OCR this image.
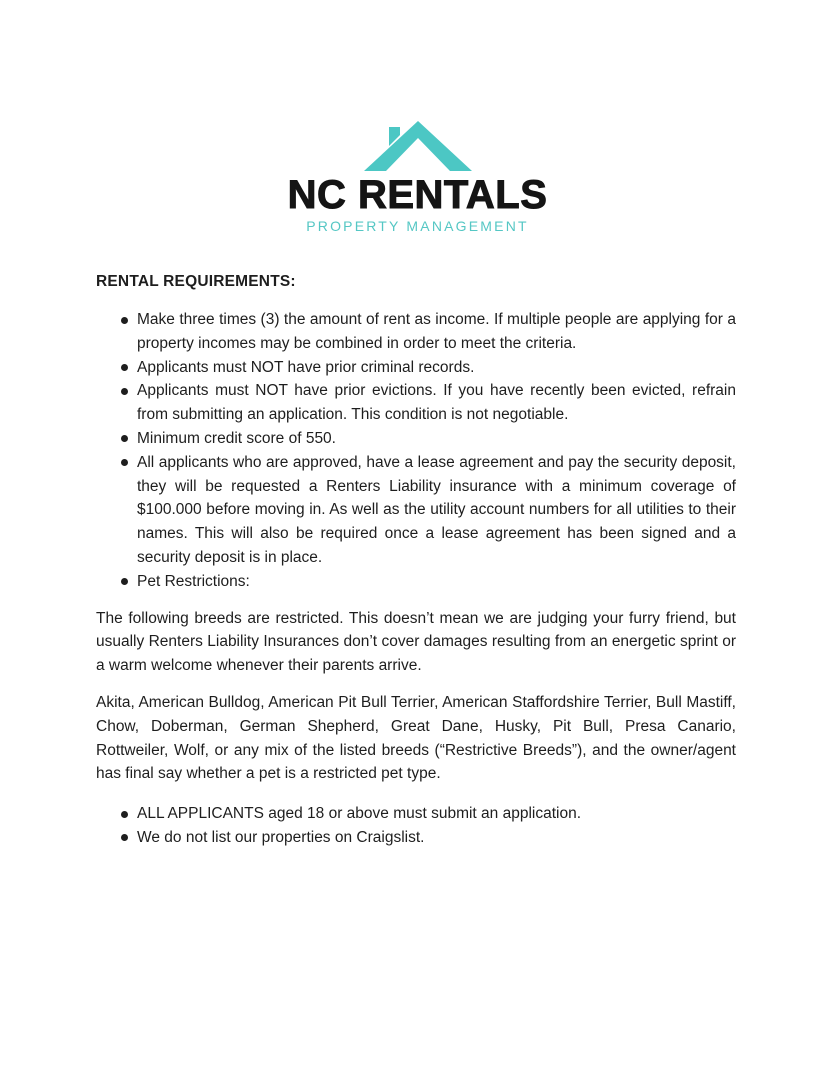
NC RENTALS
PROPERTY MANAGEMENT
RENTAL REQUIREMENTS:
Make three times (3) the amount of rent as income. If multiple people are applying for a property incomes may be combined in order to meet the criteria.
Applicants must NOT have prior criminal records.
Applicants must NOT have prior evictions. If you have recently been evicted, refrain from submitting an application. This condition is not negotiable.
Minimum credit score of 550.
All applicants who are approved, have a lease agreement and pay the security deposit, they will be requested a Renters Liability insurance with a minimum coverage of $100.000 before moving in. As well as the utility account numbers for all utilities to their names. This will also be required once a lease agreement has been signed and a security deposit is in place.
Pet Restrictions:

The following breeds are restricted. This doesn’t mean we are judging your furry friend, but usually Renters Liability Insurances don’t cover damages resulting from an energetic sprint or a warm welcome whenever their parents arrive.

Akita, American Bulldog, American Pit Bull Terrier, American Staffordshire Terrier, Bull Mastiff, Chow, Doberman, German Shepherd, Great Dane, Husky, Pit Bull, Presa Canario, Rottweiler, Wolf, or any mix of the listed breeds (“Restrictive Breeds”), and the owner/agent has final say whether a pet is a restricted pet type.

ALL APPLICANTS aged 18 or above must submit an application.
We do not list our properties on Craigslist.
